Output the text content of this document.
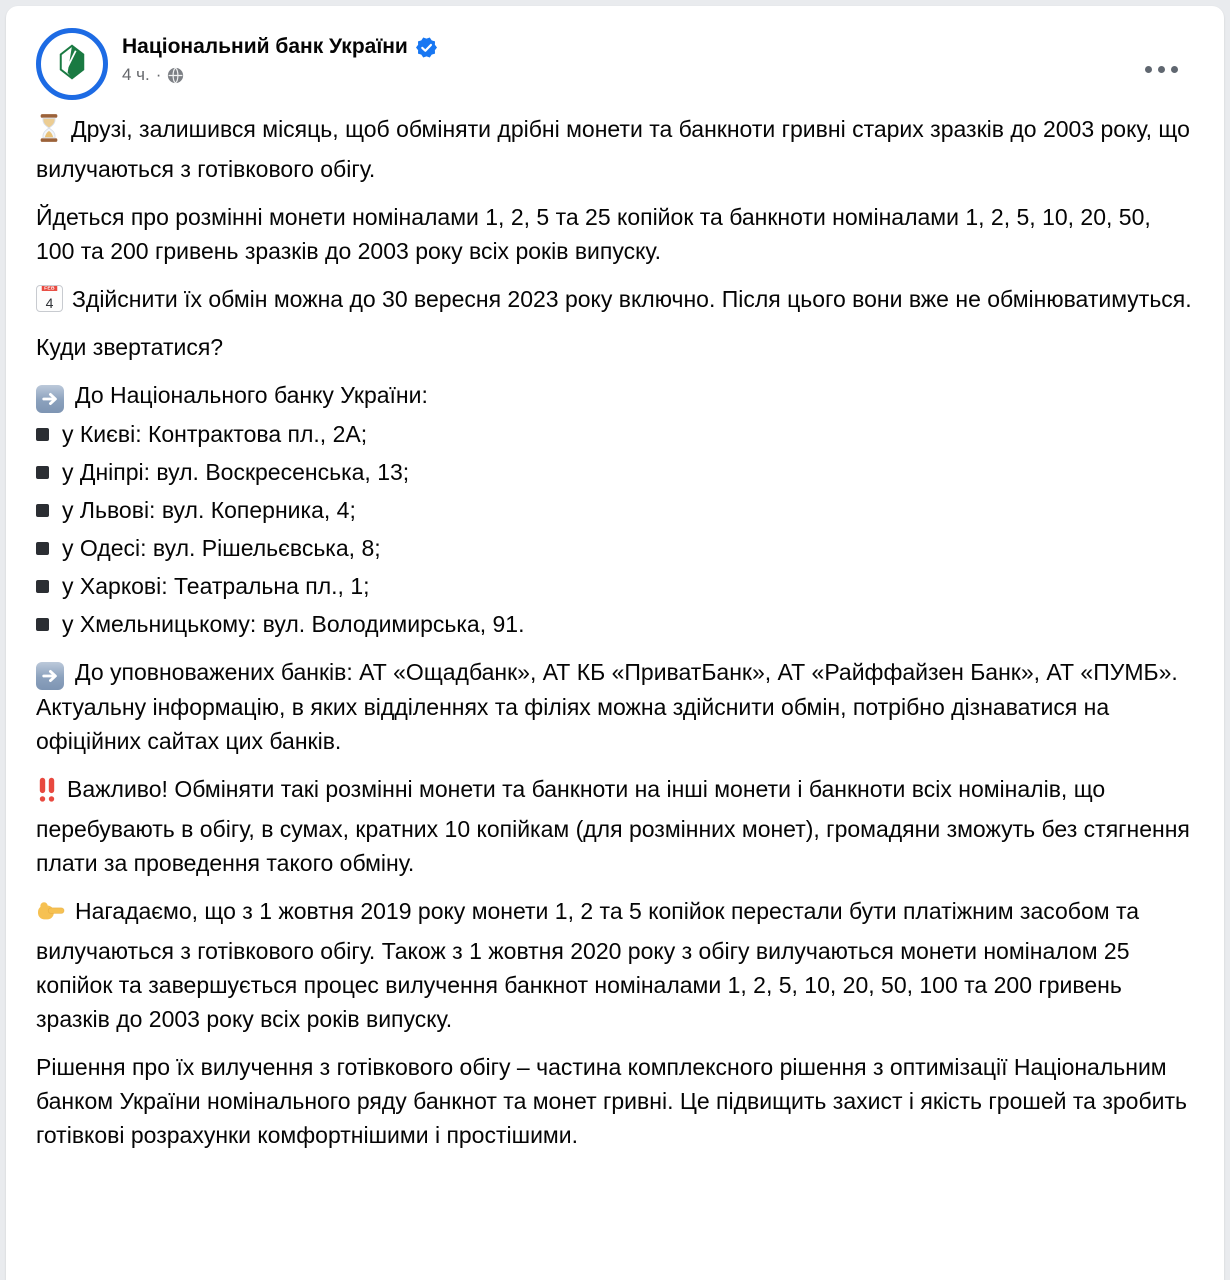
Національний банк України
4 ч. ·

Друзі, залишився місяць, щоб обміняти дрібні монети та банкноти гривні старих зразків до 2003 року, що вилучаються з готівкового обігу.

Йдеться про розмінні монети номіналами 1, 2, 5 та 25 копійок та банкноти номіналами 1, 2, 5, 10, 20, 50, 100 та 200 гривень зразків до 2003 року всіх років випуску.

FEB
4 Здійснити їх обмін можна до 30 вересня 2023 року включно. Після цього вони вже не обмінюватимуться.

Куди звертатися?

До Національного банку України:

у Києві: Контрактова пл., 2А;
у Дніпрі: вул. Воскресенська, 13;
у Львові: вул. Коперника, 4;
у Одесі: вул. Рішельєвська, 8;
у Харкові: Театральна пл., 1;
у Хмельницькому: вул. Володимирська, 91.

До уповноважених банків: АТ «Ощадбанк», АТ КБ «ПриватБанк», АТ «Райффайзен Банк», АТ «ПУМБ». Актуальну інформацію, в яких відділеннях та філіях можна здійснити обмін, потрібно дізнаватися на офіційних сайтах цих банків.

Важливо! Обміняти такі розмінні монети та банкноти на інші монети і банкноти всіх номіналів, що перебувають в обігу, в сумах, кратних 10 копійкам (для розмінних монет), громадяни зможуть без стягнення плати за проведення такого обміну.

Нагадаємо, що з 1 жовтня 2019 року монети 1, 2 та 5 копійок перестали бути платіжним засобом та вилучаються з готівкового обігу. Також з 1 жовтня 2020 року з обігу вилучаються монети номіналом 25 копійок та завершується процес вилучення банкнот номіналами 1, 2, 5, 10, 20, 50, 100 та 200 гривень зразків до 2003 року всіх років випуску.

Рішення про їх вилучення з готівкового обігу – частина комплексного рішення з оптимізації Національним банком України номінального ряду банкнот та монет гривні. Це підвищить захист і якість грошей та зробить готівкові розрахунки комфортнішими і простішими.
